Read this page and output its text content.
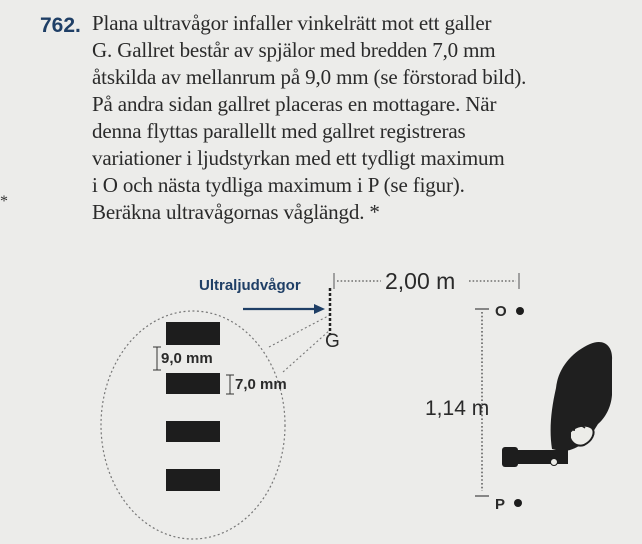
762. Plana ultravågor infaller vinkelrätt mot ett galler
G. Gallret består av spjälor med bredden 7,0 mm
åtskilda av mellanrum på 9,0 mm (se förstorad bild).
På andra sidan gallret placeras en mottagare. När
denna flyttas parallellt med gallret registreras
variationer i ljudstyrkan med ett tydligt maximum
i O och nästa tydliga maximum i P (se figur).
Beräkna ultravågornas våglängd. *
*
9,0 mm
7,0 mm
Ultraljudvågor
G
2,00 m
1,14 m
O
P
